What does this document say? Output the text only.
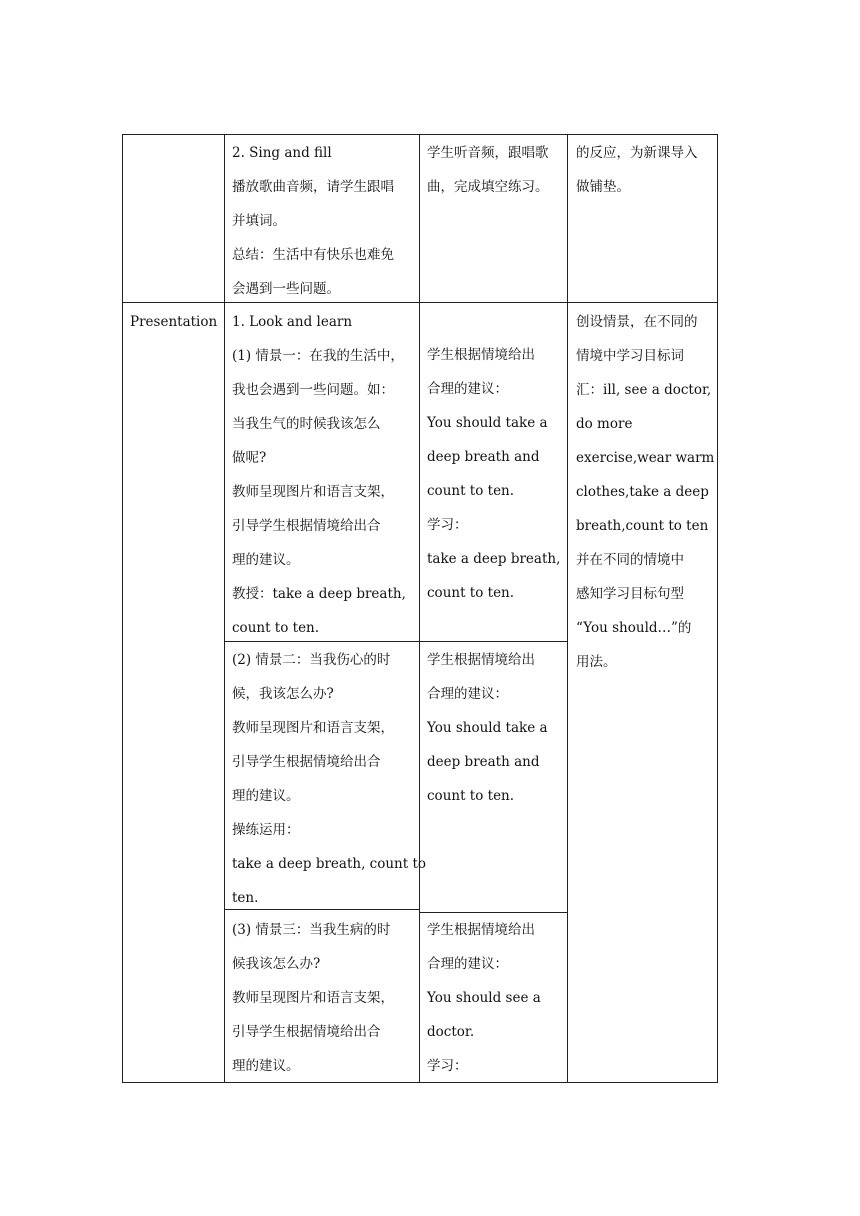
2. Sing and fill

播放歌曲音频，请学生跟唱

并填词。

总结：生活中有快乐也难免

会遇到一些问题。

学生听音频，跟唱歌

曲，完成填空练习。

的反应，为新课导入

做铺垫。

Presentation 1. Look and learn

(1) 情景一：在我的生活中，

我也会遇到一些问题。如：

当我生气的时候我该怎么

做呢?

教师呈现图片和语言支架，

引导学生根据情境给出合

理的建议。

教授：take a deep breath,

count to ten.

学生根据情境给出

合理的建议：

You should take a

deep breath and

count to ten.

学习：

take a deep breath,

count to ten.

(2) 情景二：当我伤心的时

候，我该怎么办?

教师呈现图片和语言支架，

引导学生根据情境给出合

理的建议。

操练运用：

take a deep breath, count to

ten.

学生根据情境给出

合理的建议：

You should take a

deep breath and

count to ten.

(3) 情景三：当我生病的时

候我该怎么办?

教师呈现图片和语言支架，

引导学生根据情境给出合

理的建议。

学生根据情境给出

合理的建议：

You should see a

doctor.

学习：

创设情景，在不同的

情境中学习目标词

汇：ill, see a doctor,

do more

exercise,wear warm

clothes,take a deep

breath,count to ten

并在不同的情境中

感知学习目标句型

“You should…”的

用法。
